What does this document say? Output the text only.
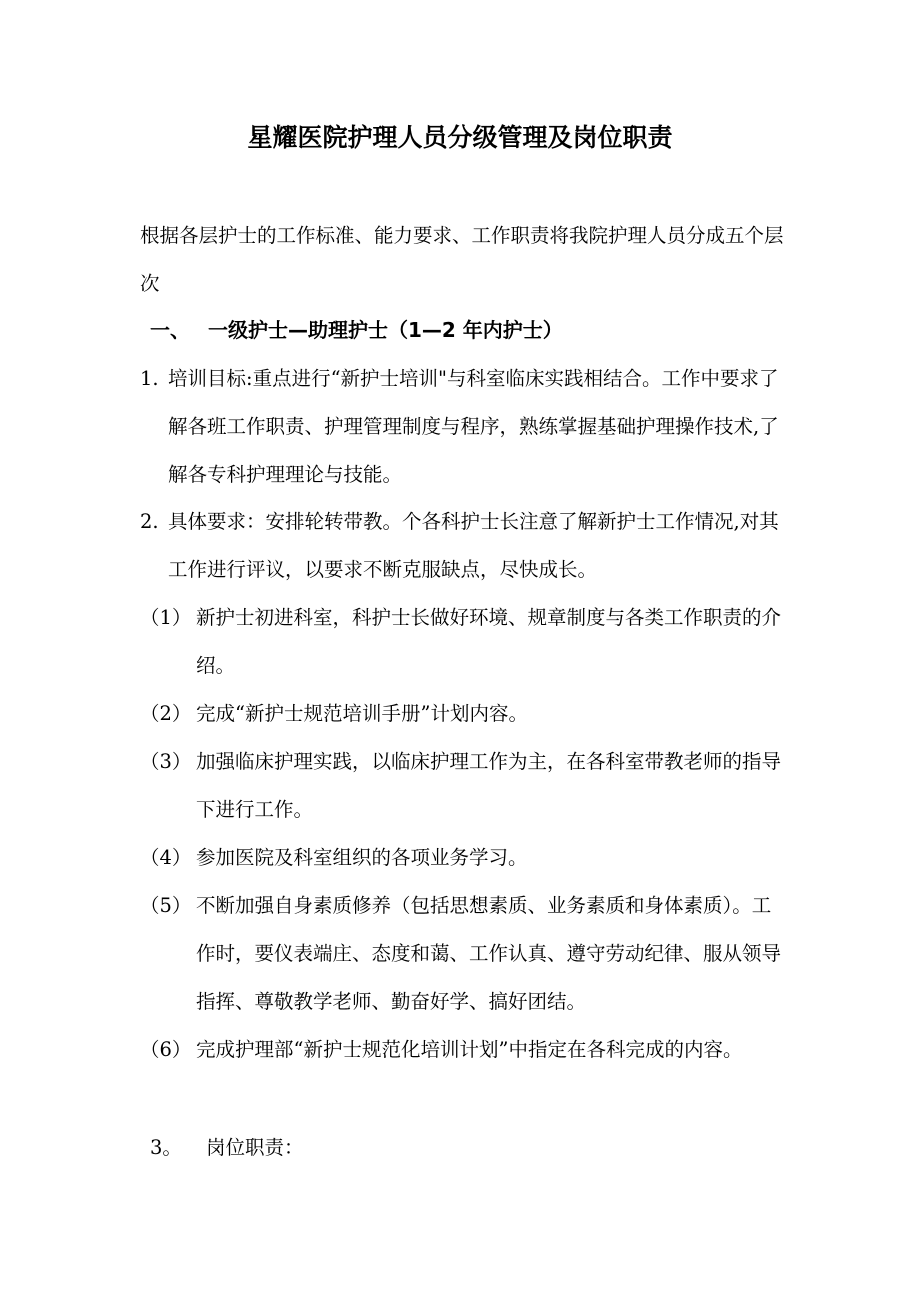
星耀医院护理人员分级管理及岗位职责
根据各层护士的工作标准、能力要求、工作职责将我院护理人员分成五个层次
一、 一级护士—助理护士（1—2 年内护士）
1. 培训目标:重点进行“新护士培训"与科室临床实践相结合。工作中要求了解各班工作职责、护理管理制度与程序，熟练掌握基础护理操作技术,了解各专科护理理论与技能。
2. 具体要求：安排轮转带教。个各科护士长注意了解新护士工作情况,对其工作进行评议，以要求不断克服缺点，尽快成长。
（1） 新护士初进科室，科护士长做好环境、规章制度与各类工作职责的介绍。
（2） 完成“新护士规范培训手册”计划内容。
（3） 加强临床护理实践，以临床护理工作为主，在各科室带教老师的指导下进行工作。
（4） 参加医院及科室组织的各项业务学习。
（5） 不断加强自身素质修养（包括思想素质、业务素质和身体素质）。工作时，要仪表端庄、态度和蔼、工作认真、遵守劳动纪律、服从领导指挥、尊敬教学老师、勤奋好学、搞好团结。
（6） 完成护理部“新护士规范化培训计划”中指定在各科完成的内容。
3。	岗位职责：
